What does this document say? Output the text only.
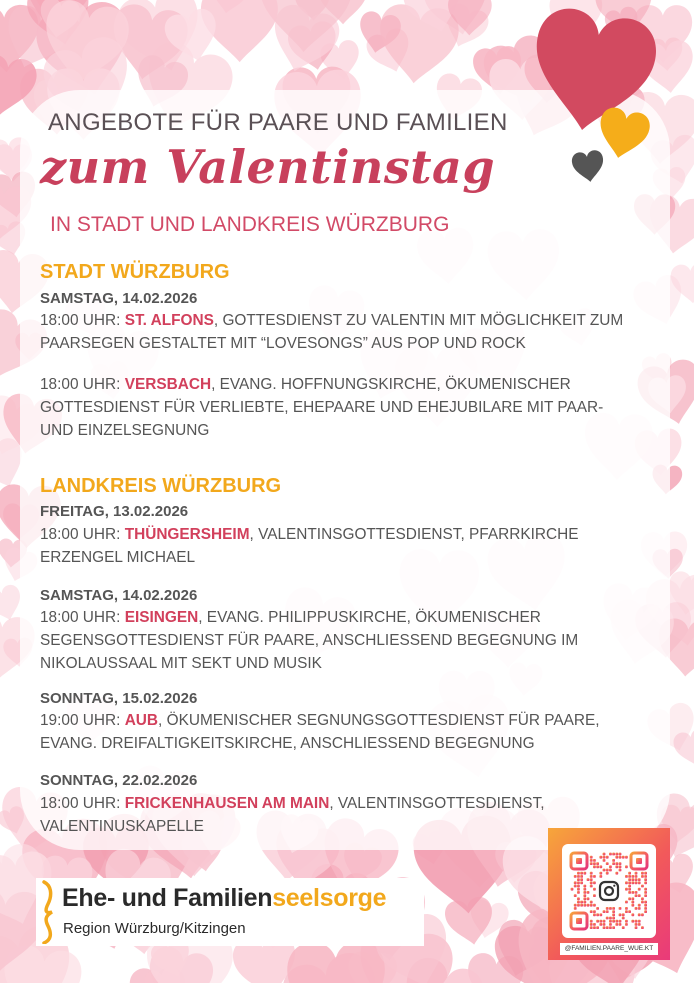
ANGEBOTE FÜR PAARE UND FAMILIEN
zum Valentinstag
IN STADT UND LANDKREIS WÜRZBURG
STADT WÜRZBURG
SAMSTAG, 14.02.2026
18:00 UHR: ST. ALFONS, GOTTESDIENST ZU VALENTIN MIT MÖGLICHKEIT ZUM PAARSEGEN GESTALTET MIT “LOVESONGS” AUS POP UND ROCK
18:00 UHR: VERSBACH, EVANG. HOFFNUNGSKIRCHE, ÖKUMENISCHER GOTTESDIENST FÜR VERLIEBTE, EHEPAARE UND EHEJUBILARE MIT PAAR- UND EINZELSEGNUNG
LANDKREIS WÜRZBURG
FREITAG, 13.02.2026
18:00 UHR: THÜNGERSHEIM, VALENTINSGOTTESDIENST, PFARRKIRCHE ERZENGEL MICHAEL
SAMSTAG, 14.02.2026
18:00 UHR: EISINGEN, EVANG. PHILIPPUSKIRCHE, ÖKUMENISCHER SEGENSGOTTESDIENST FÜR PAARE, ANSCHLIESSEND BEGEGNUNG IM NIKOLAUSSAAL MIT SEKT UND MUSIK
SONNTAG, 15.02.2026
19:00 UHR: AUB, ÖKUMENISCHER SEGNUNGSGOTTESDIENST FÜR PAARE, EVANG. DREIFALTIGKEITSKIRCHE, ANSCHLIESSEND BEGEGNUNG
SONNTAG, 22.02.2026
18:00 UHR: FRICKENHAUSEN AM MAIN, VALENTINSGOTTESDIENST, VALENTINUSKAPELLE
Ehe- und Familienseelsorge
Region Würzburg/Kitzingen
@FAMILIEN.PAARE_WUE.KT
